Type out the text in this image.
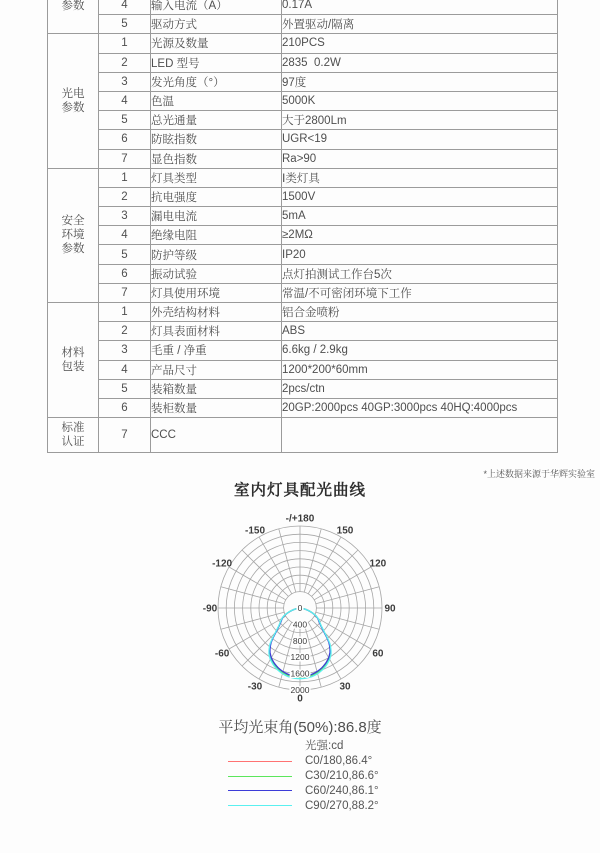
参数	4	输入电流（A）	0.17A
	5	驱动方式	外置驱动/隔离

光电
参数	1	光源及数量	210PCS
	2	LED 型号	2835  0.2W
	3	发光角度（°）	97度
	4	色温	5000K
	5	总光通量	大于2800Lm
	6	防眩指数	UGR<19
	7	显色指数	Ra>90

安全
环境
参数	1	灯具类型	Ⅰ类灯具
	2	抗电强度	1500V
	3	漏电电流	5mA
	4	绝缘电阻	≥2MΩ
	5	防护等级	IP20
	6	振动试验	点灯拍测试工作台5次
	7	灯具使用环境	常温/不可密闭环境下工作

材料
包装	1	外壳结构材料	铝合金喷粉
	2	灯具表面材料	ABS
	3	毛重 / 净重	6.6kg / 2.9kg
	4	产品尺寸	1200*200*60mm
	5	装箱数量	2pcs/ctn
	6	装柜数量	20GP:2000pcs 40GP:3000pcs 40HQ:4000pcs

标准
认证	7	CCC	
*上述数据来源于华辉实验室
室内灯具配光曲线
-/+180
-150	150
-120	120
-90	90
-60	60
-30	30
0
0
400
800
1200
1600
2000
平均光束角(50%):86.8度
光强:cd
C0/180,86.4°
C30/210,86.6°
C60/240,86.1°
C90/270,88.2°
